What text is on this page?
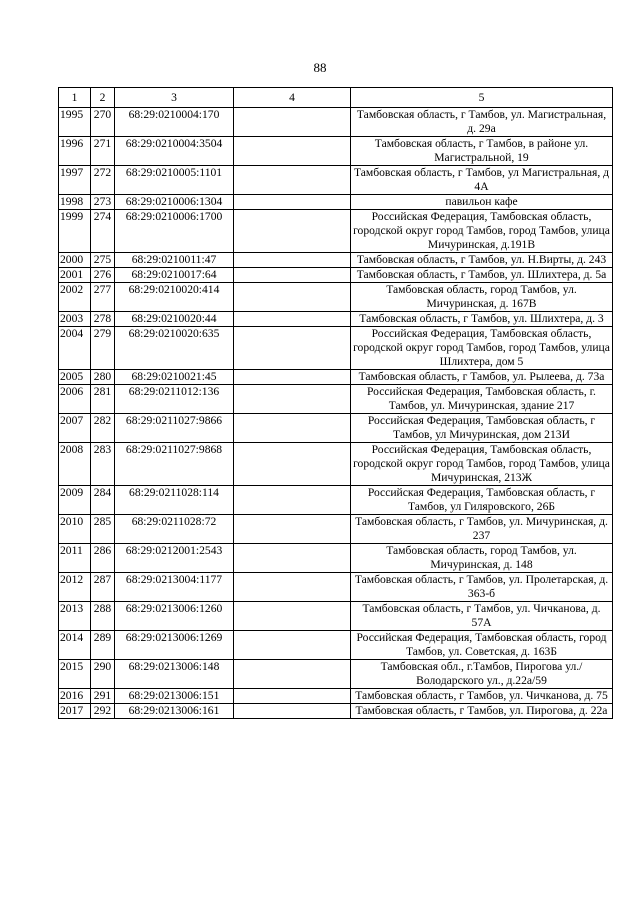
88
1	2	3	4	5
1995	270	68:29:0210004:170		Тамбовская область, г Тамбов, ул. Магистральная, д. 29а
1996	271	68:29:0210004:3504		Тамбовская область, г Тамбов, в районе ул. Магистральной, 19
1997	272	68:29:0210005:1101		Тамбовская область, г Тамбов, ул Магистральная, д 4А
1998	273	68:29:0210006:1304		павильон кафе
1999	274	68:29:0210006:1700		Российская Федерация, Тамбовская область, городской округ город Тамбов, город Тамбов, улица Мичуринская, д.191В
2000	275	68:29:0210011:47		Тамбовская область, г Тамбов, ул. Н.Вирты, д. 243
2001	276	68:29:0210017:64		Тамбовская область, г Тамбов, ул. Шлихтера, д. 5а
2002	277	68:29:0210020:414		Тамбовская область, город Тамбов, ул. Мичуринская, д. 167В
2003	278	68:29:0210020:44		Тамбовская область, г Тамбов, ул. Шлихтера, д. 3
2004	279	68:29:0210020:635		Российская Федерация, Тамбовская область, городской округ город Тамбов, город Тамбов, улица Шлихтера, дом 5
2005	280	68:29:0210021:45		Тамбовская область, г Тамбов, ул. Рылеева, д. 73а
2006	281	68:29:0211012:136		Российская Федерация, Тамбовская область, г. Тамбов, ул. Мичуринская, здание 217
2007	282	68:29:0211027:9866		Российская Федерация, Тамбовская область, г Тамбов, ул Мичуринская, дом 213И
2008	283	68:29:0211027:9868		Российская Федерация, Тамбовская область, городской округ город Тамбов, город Тамбов, улица Мичуринская, 213Ж
2009	284	68:29:0211028:114		Российская Федерация, Тамбовская область, г Тамбов, ул Гиляровского, 26Б
2010	285	68:29:0211028:72		Тамбовская область, г Тамбов, ул. Мичуринская, д. 237
2011	286	68:29:0212001:2543		Тамбовская область, город Тамбов, ул. Мичуринская, д. 148
2012	287	68:29:0213004:1177		Тамбовская область, г Тамбов, ул. Пролетарская, д. 363-б
2013	288	68:29:0213006:1260		Тамбовская область, г Тамбов, ул. Чичканова, д. 57А
2014	289	68:29:0213006:1269		Российская Федерация, Тамбовская область, город Тамбов, ул. Советская, д. 163Б
2015	290	68:29:0213006:148		Тамбовская обл., г.Тамбов, Пирогова ул./Володарского ул., д.22а/59
2016	291	68:29:0213006:151		Тамбовская область, г Тамбов, ул. Чичканова, д. 75
2017	292	68:29:0213006:161		Тамбовская область, г Тамбов, ул. Пирогова, д. 22а
